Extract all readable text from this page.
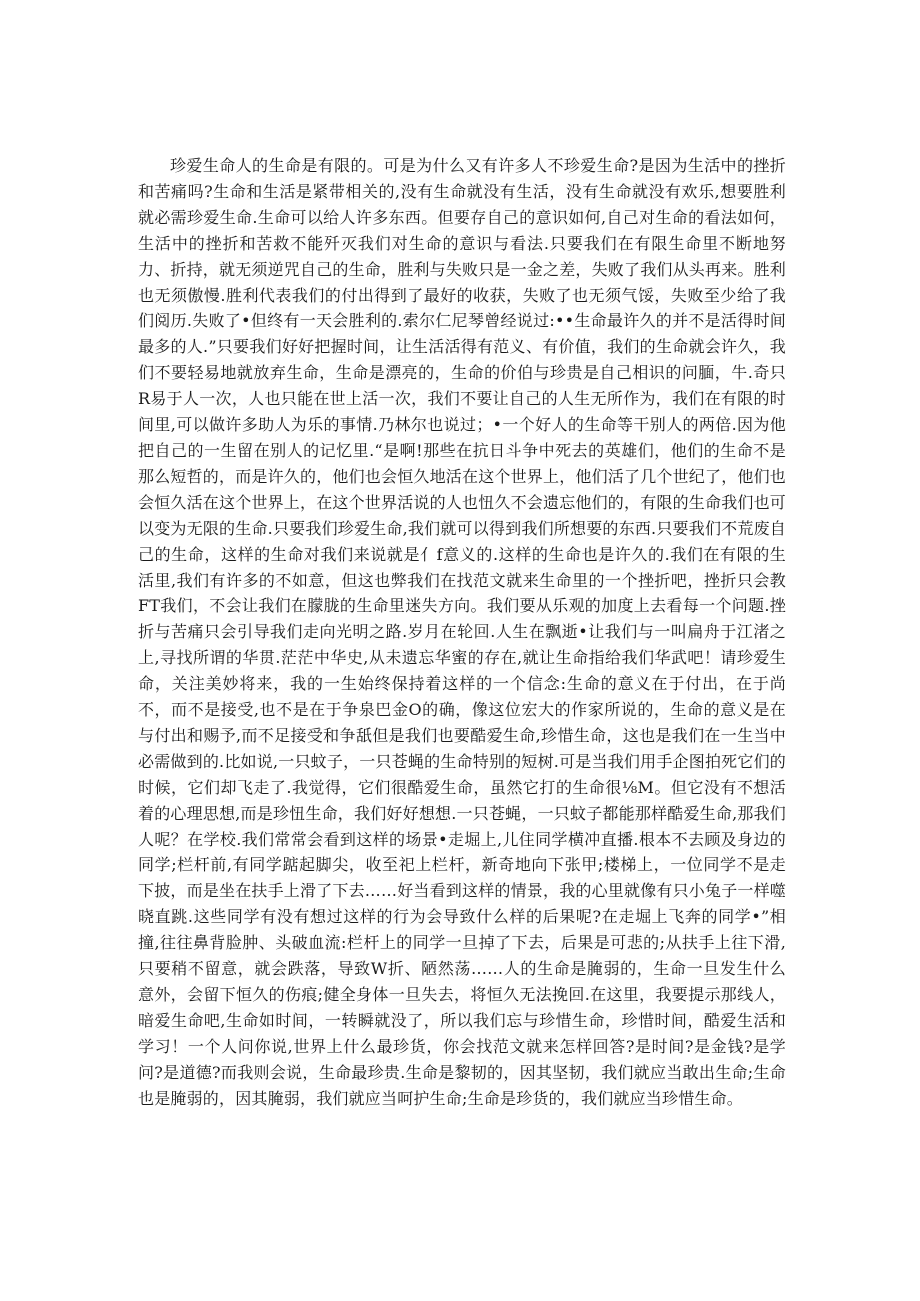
珍爱生命人的生命是有限的。可是为什么又有许多人不珍爱生命?是因为生活中的挫折和苦痛吗?生命和生活是紧带相关的,没有生命就没有生活，没有生命就没有欢乐,想要胜利就必需珍爱生命.生命可以给人许多东西。但要存自己的意识如何,自己对生命的看法如何，生活中的挫折和苦救不能歼灭我们对生命的意识与看法.只要我们在有限生命里不断地努力、折持，就无须逆咒自己的生命，胜利与失败只是一金之差，失败了我们从头再来。胜利也无须傲慢.胜利代表我们的付出得到了最好的收获，失败了也无须气馁，失败至少给了我们阅历.失败了•但终有一天会胜利的.索尔仁尼琴曾经说过:••生命最许久的并不是活得时间最多的人.”只要我们好好把握时间，让生活活得有范义、有价值，我们的生命就会许久，我们不要轻易地就放弃生命，生命是漂亮的，生命的价伯与珍贵是自己相识的问腼，牛.奇只R易于人一次，人也只能在世上活一次，我们不要让自己的人生无所作为，我们在有限的时间里,可以做许多助人为乐的事情.乃林尔也说过；•一个好人的生命等干别人的两倍.因为他把自己的一生留在别人的记忆里.“是啊!那些在抗日斗争中死去的英雄们，他们的生命不是那么短哲的，而是许久的，他们也会恒久地活在这个世界上，他们活了几个世纪了，他们也会恒久活在这个世界上，在这个世界活说的人也忸久不会遗忘他们的，有限的生命我们也可以变为无限的生命.只要我们珍爱生命,我们就可以得到我们所想要的东西.只要我们不荒废自己的生命，这样的生命对我们来说就是亻f意义的.这样的生命也是许久的.我们在有限的生活里,我们有许多的不如意，但这也弊我们在找范文就来生命里的一个挫折吧，挫折只会教FT我们，不会让我们在朦胧的生命里迷失方向。我们要从乐观的加度上去看每一个问题.挫折与苦痛只会引导我们走向光明之路.岁月在轮回.人生在飘逝•让我们与一叫扁舟于江渚之上,寻找所谓的华贯.茫茫中华史,从未遗忘华蜜的存在,就让生命指给我们华武吧！请珍爱生命，关注美妙将来，我的一生始终保持着这样的一个信念:生命的意义在于付出，在于尚不，而不是接受,也不是在于争泉巴金O的确，像这位宏大的作家所说的，生命的意义是在与付出和赐予,而不足接受和争舐但是我们也要酷爱生命,珍惜生命，这也是我们在一生当中必需做到的.比如说,一只蚊子，一只苍蝇的生命特别的短树.可是当我们用手企图拍死它们的时候，它们却飞走了.我觉得，它们很酷爱生命，虽然它打的生命很⅛M。但它没有不想活着的心理思想,而是珍忸生命，我们好好想想.一只苍蝇，一只蚊子都能那样酷爱生命,那我们人呢？在学校.我们常常会看到这样的场景•走堀上,儿住同学横冲直播.根本不去顾及身边的同学;栏杆前,有同学踮起脚尖，收至祀上栏杆，新奇地向下张甲;楼梯上，一位同学不是走下披，而是坐在扶手上滑了下去……好当看到这样的情景，我的心里就像有只小兔子一样噬晓直跳.这些同学有没有想过这样的行为会导致什么样的后果呢?在走堀上飞奔的同学•”相撞,往往鼻背脸肿、头破血流:栏杆上的同学一旦掉了下去，后果是可悲的;从扶手上往下滑,只要稍不留意，就会跌落，导致W折、陋然荡……人的生命是腌弱的，生命一旦发生什么意外，会留下恒久的伤痕;健全身体一旦失去，将恒久无法挽回.在这里，我要提示那线人，暗爱生命吧,生命如时间，一转瞬就没了，所以我们忘与珍惜生命，珍惜时间，酷爱生活和学习！一个人问你说,世界上什么最珍货，你会找范文就来怎样回答?是时间?是金钱?是学问?是道德?而我则会说，生命最珍贵.生命是黎韧的，因其坚韧，我们就应当敢出生命;生命也是腌弱的，因其腌弱，我们就应当呵护生命;生命是珍货的，我们就应当珍惜生命。
